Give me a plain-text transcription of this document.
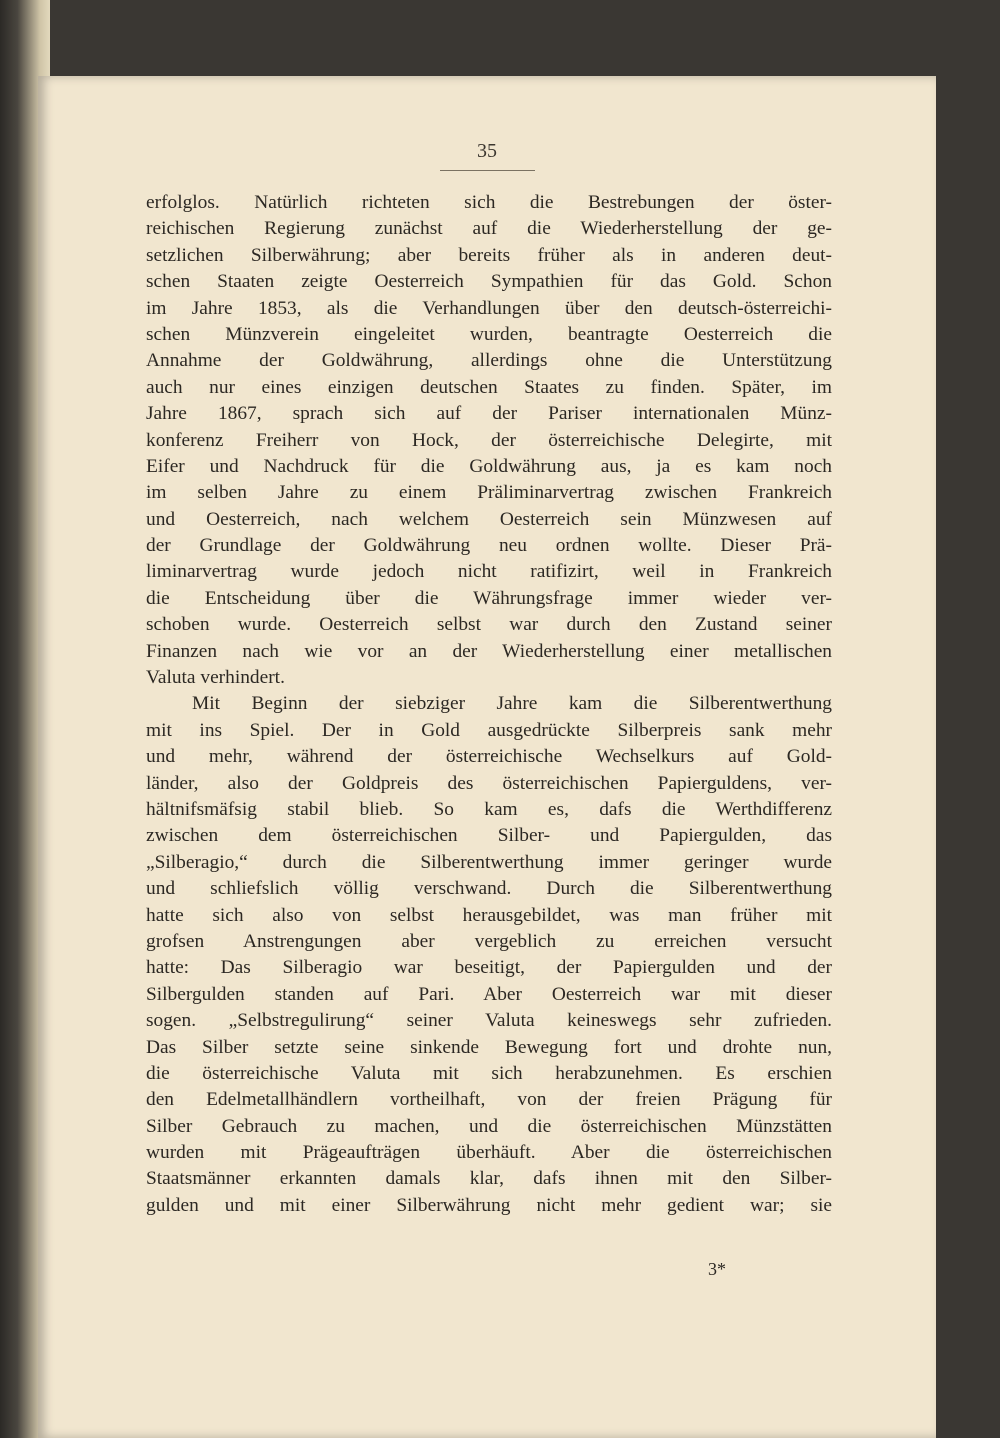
35
erfolglos. Natürlich richteten sich die Bestrebungen der öster-
reichischen Regierung zunächst auf die Wiederherstellung der ge-
setzlichen Silberwährung; aber bereits früher als in anderen deut-
schen Staaten zeigte Oesterreich Sympathien für das Gold. Schon
im Jahre 1853, als die Verhandlungen über den deutsch-österreichi-
schen Münzverein eingeleitet wurden, beantragte Oesterreich die
Annahme der Goldwährung, allerdings ohne die Unterstützung
auch nur eines einzigen deutschen Staates zu finden. Später, im
Jahre 1867, sprach sich auf der Pariser internationalen Münz-
konferenz Freiherr von Hock, der österreichische Delegirte, mit
Eifer und Nachdruck für die Goldwährung aus, ja es kam noch
im selben Jahre zu einem Präliminarvertrag zwischen Frankreich
und Oesterreich, nach welchem Oesterreich sein Münzwesen auf
der Grundlage der Goldwährung neu ordnen wollte. Dieser Prä-
liminarvertrag wurde jedoch nicht ratifizirt, weil in Frankreich
die Entscheidung über die Währungsfrage immer wieder ver-
schoben wurde. Oesterreich selbst war durch den Zustand seiner
Finanzen nach wie vor an der Wiederherstellung einer metallischen
Valuta verhindert.
Mit Beginn der siebziger Jahre kam die Silberentwerthung
mit ins Spiel. Der in Gold ausgedrückte Silberpreis sank mehr
und mehr, während der österreichische Wechselkurs auf Gold-
länder, also der Goldpreis des österreichischen Papierguldens, ver-
hältnifsmäfsig stabil blieb. So kam es, dafs die Werthdifferenz
zwischen dem österreichischen Silber- und Papiergulden, das
„Silberagio,“ durch die Silberentwerthung immer geringer wurde
und schliefslich völlig verschwand. Durch die Silberentwerthung
hatte sich also von selbst herausgebildet, was man früher mit
grofsen Anstrengungen aber vergeblich zu erreichen versucht
hatte: Das Silberagio war beseitigt, der Papiergulden und der
Silbergulden standen auf Pari. Aber Oesterreich war mit dieser
sogen. „Selbstregulirung“ seiner Valuta keineswegs sehr zufrieden.
Das Silber setzte seine sinkende Bewegung fort und drohte nun,
die österreichische Valuta mit sich herabzunehmen. Es erschien
den Edelmetallhändlern vortheilhaft, von der freien Prägung für
Silber Gebrauch zu machen, und die österreichischen Münzstätten
wurden mit Prägeaufträgen überhäuft. Aber die österreichischen
Staatsmänner erkannten damals klar, dafs ihnen mit den Silber-
gulden und mit einer Silberwährung nicht mehr gedient war; sie
3*
